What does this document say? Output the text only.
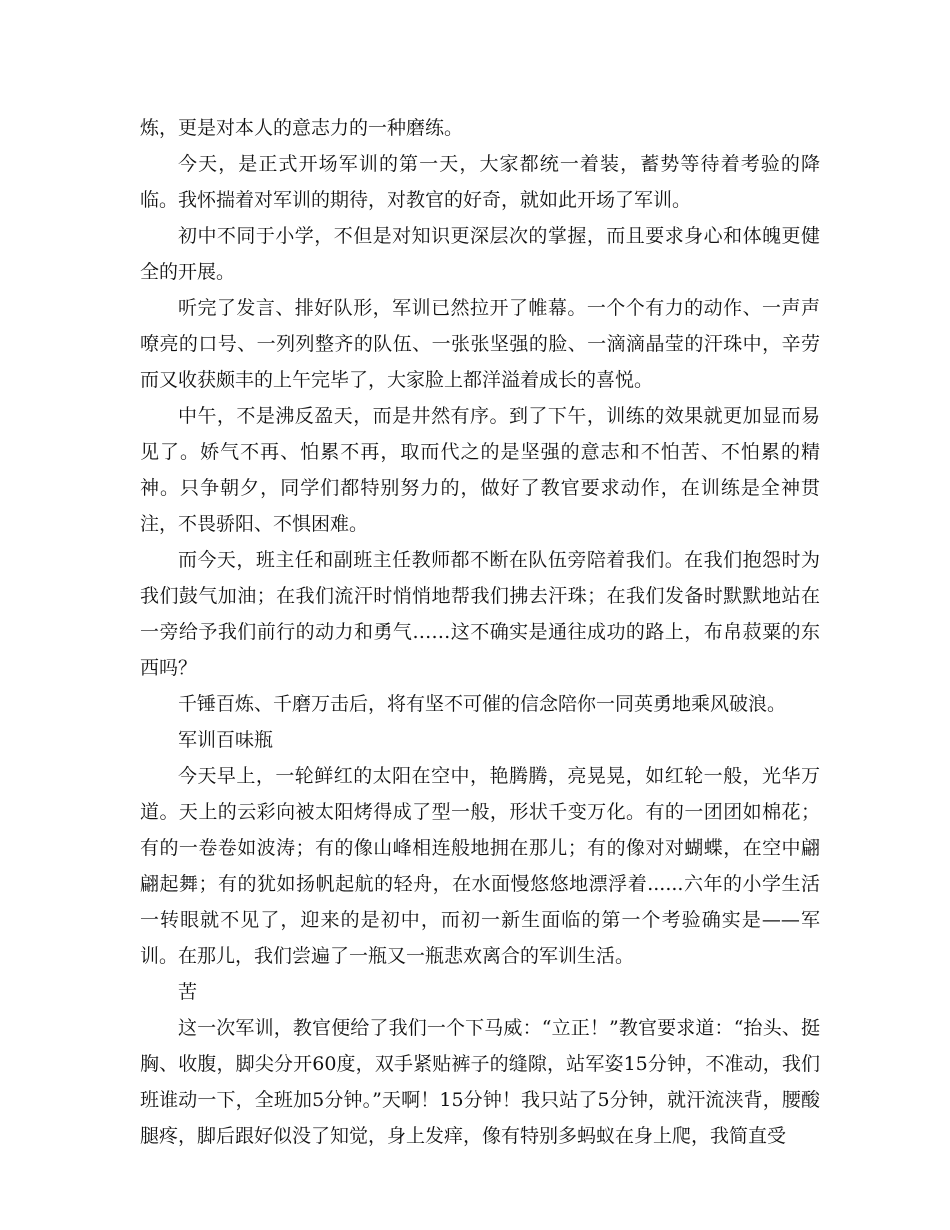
炼，更是对本人的意志力的一种磨练。

今天，是正式开场军训的第一天，大家都统一着装，蓄势等待着考验的降临。我怀揣着对军训的期待，对教官的好奇，就如此开场了军训。

初中不同于小学，不但是对知识更深层次的掌握，而且要求身心和体魄更健全的开展。

听完了发言、排好队形，军训已然拉开了帷幕。一个个有力的动作、一声声嘹亮的口号、一列列整齐的队伍、一张张坚强的脸、一滴滴晶莹的汗珠中，辛劳而又收获颇丰的上午完毕了，大家脸上都洋溢着成长的喜悦。

中午，不是沸反盈天，而是井然有序。到了下午，训练的效果就更加显而易见了。娇气不再、怕累不再，取而代之的是坚强的意志和不怕苦、不怕累的精神。只争朝夕，同学们都特别努力的，做好了教官要求动作，在训练是全神贯注，不畏骄阳、不惧困难。

而今天，班主任和副班主任教师都不断在队伍旁陪着我们。在我们抱怨时为我们鼓气加油；在我们流汗时悄悄地帮我们拂去汗珠；在我们发备时默默地站在一旁给予我们前行的动力和勇气……这不确实是通往成功的路上，布帛菽粟的东西吗？

千锤百炼、千磨万击后，将有坚不可催的信念陪你一同英勇地乘风破浪。

军训百味瓶

今天早上，一轮鲜红的太阳在空中，艳腾腾，亮晃晃，如红轮一般，光华万道。天上的云彩向被太阳烤得成了型一般，形状千变万化。有的一团团如棉花；有的一卷卷如波涛；有的像山峰相连般地拥在那儿；有的像对对蝴蝶，在空中翩翩起舞；有的犹如扬帆起航的轻舟，在水面慢悠悠地漂浮着......六年的小学生活一转眼就不见了，迎来的是初中，而初一新生面临的第一个考验确实是——军训。在那儿，我们尝遍了一瓶又一瓶悲欢离合的军训生活。

苦

这一次军训，教官便给了我们一个下马威：“立正！”教官要求道：“抬头、挺胸、收腹，脚尖分开60度，双手紧贴裤子的缝隙，站军姿15分钟，不准动，我们班谁动一下，全班加5分钟。”天啊！15分钟！我只站了5分钟，就汗流浃背，腰酸腿疼，脚后跟好似没了知觉，身上发痒，像有特别多蚂蚁在身上爬，我简直受
